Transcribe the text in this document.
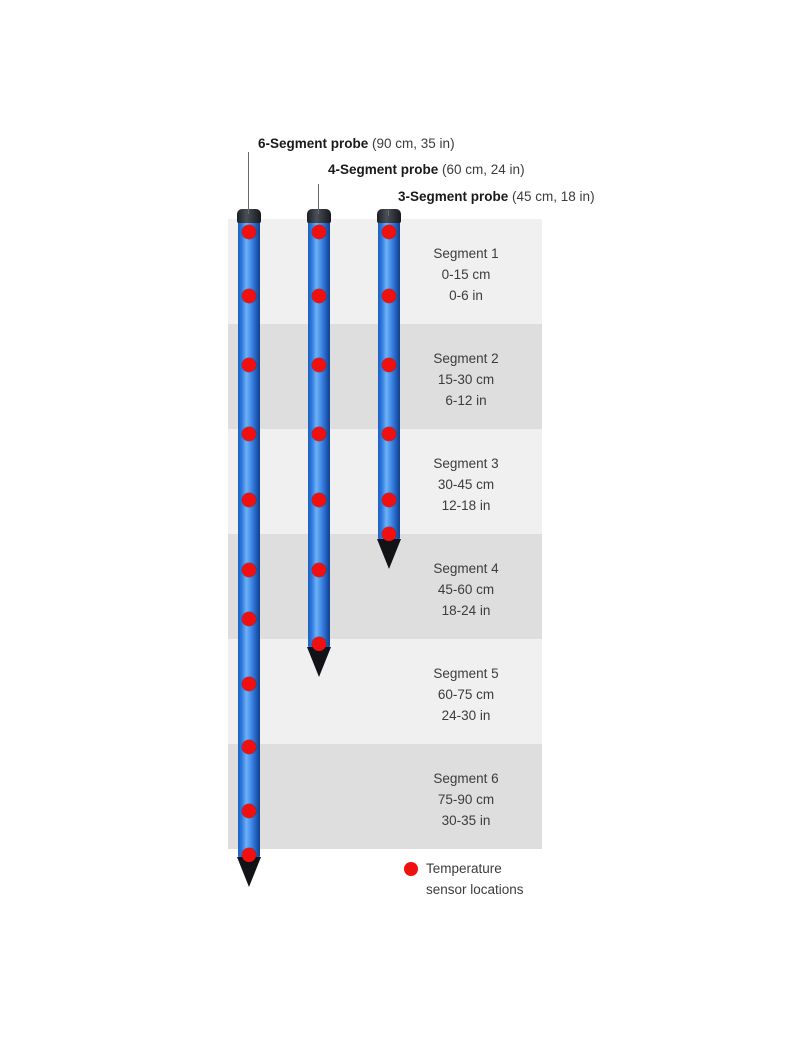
Segment 1
0-15 cm
0-6 in
Segment 2
15-30 cm
6-12 in
Segment 3
30-45 cm
12-18 in
Segment 4
45-60 cm
18-24 in
Segment 5
60-75 cm
24-30 in
Segment 6
75-90 cm
30-35 in
6-Segment probe (90 cm, 35 in)
4-Segment probe (60 cm, 24 in)
3-Segment probe (45 cm, 18 in)
Temperature
sensor locations
